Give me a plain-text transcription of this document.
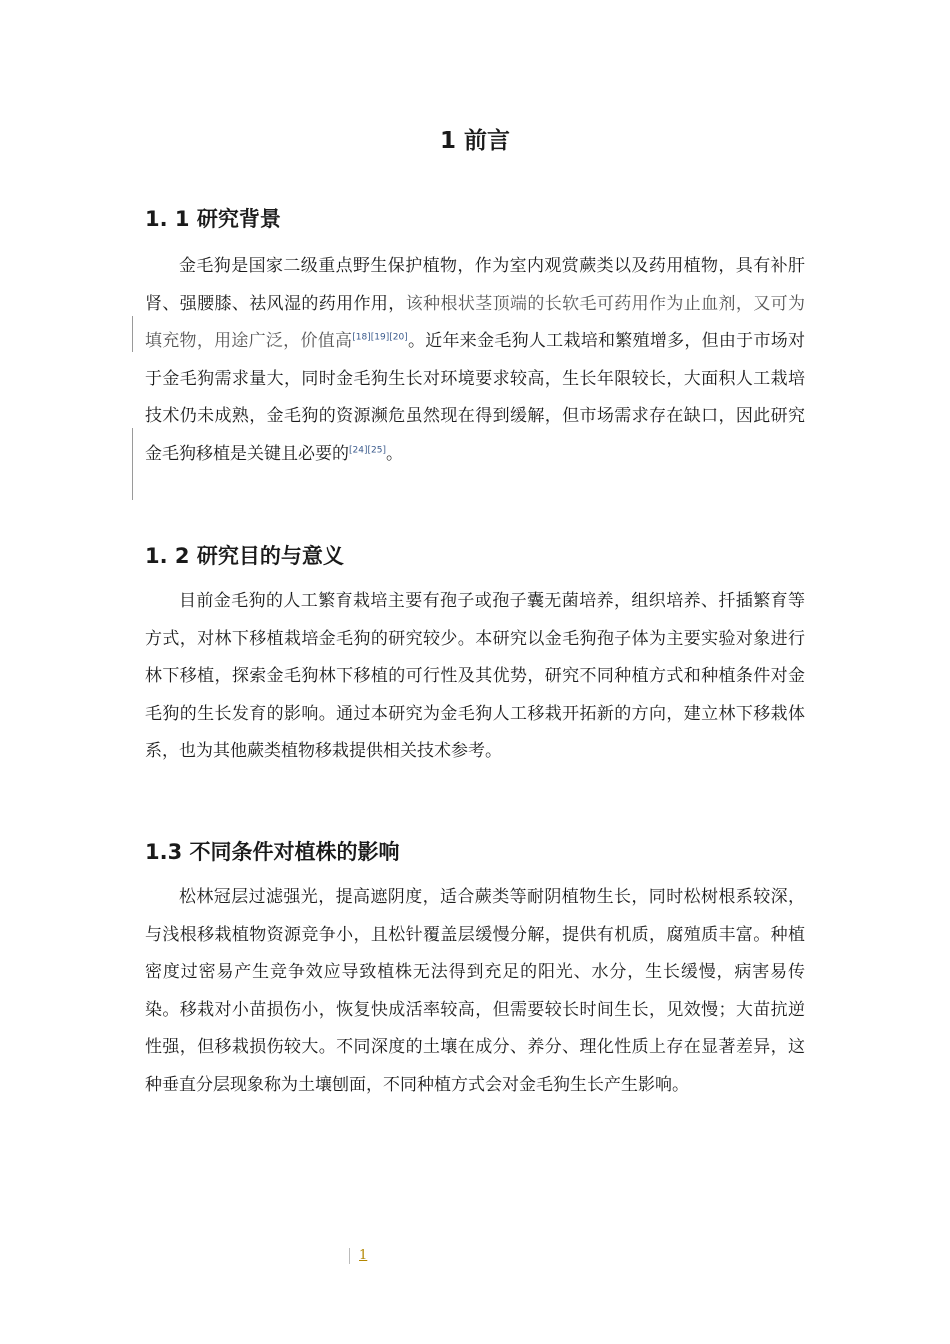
1 前言
1. 1 研究背景

金毛狗是国家二级重点野生保护植物，作为室内观赏蕨类以及药用植物，具有补肝肾、强腰膝、祛风湿的药用作用，该种根状茎顶端的长软毛可药用作为止血剂，又可为填充物，用途广泛，价值高[18][19][20]。近年来金毛狗人工栽培和繁殖增多，但由于市场对于金毛狗需求量大，同时金毛狗生长对环境要求较高，生长年限较长，大面积人工栽培技术仍未成熟，金毛狗的资源濒危虽然现在得到缓解，但市场需求存在缺口，因此研究金毛狗移植是关键且必要的[24][25]。

1. 2 研究目的与意义

目前金毛狗的人工繁育栽培主要有孢子或孢子囊无菌培养，组织培养、扦插繁育等方式，对林下移植栽培金毛狗的研究较少。本研究以金毛狗孢子体为主要实验对象进行林下移植，探索金毛狗林下移植的可行性及其优势，研究不同种植方式和种植条件对金毛狗的生长发育的影响。通过本研究为金毛狗人工移栽开拓新的方向，建立林下移栽体系，也为其他蕨类植物移栽提供相关技术参考。

1.3 不同条件对植株的影响

松林冠层过滤强光，提高遮阴度，适合蕨类等耐阴植物生长，同时松树根系较深，与浅根移栽植物资源竞争小，且松针覆盖层缓慢分解，提供有机质，腐殖质丰富。种植密度过密易产生竞争效应导致植株无法得到充足的阳光、水分，生长缓慢，病害易传染。移栽对小苗损伤小，恢复快成活率较高，但需要较长时间生长，见效慢；大苗抗逆性强，但移栽损伤较大。不同深度的土壤在成分、养分、理化性质上存在显著差异，这种垂直分层现象称为土壤刨面，不同种植方式会对金毛狗生长产生影响。

1
